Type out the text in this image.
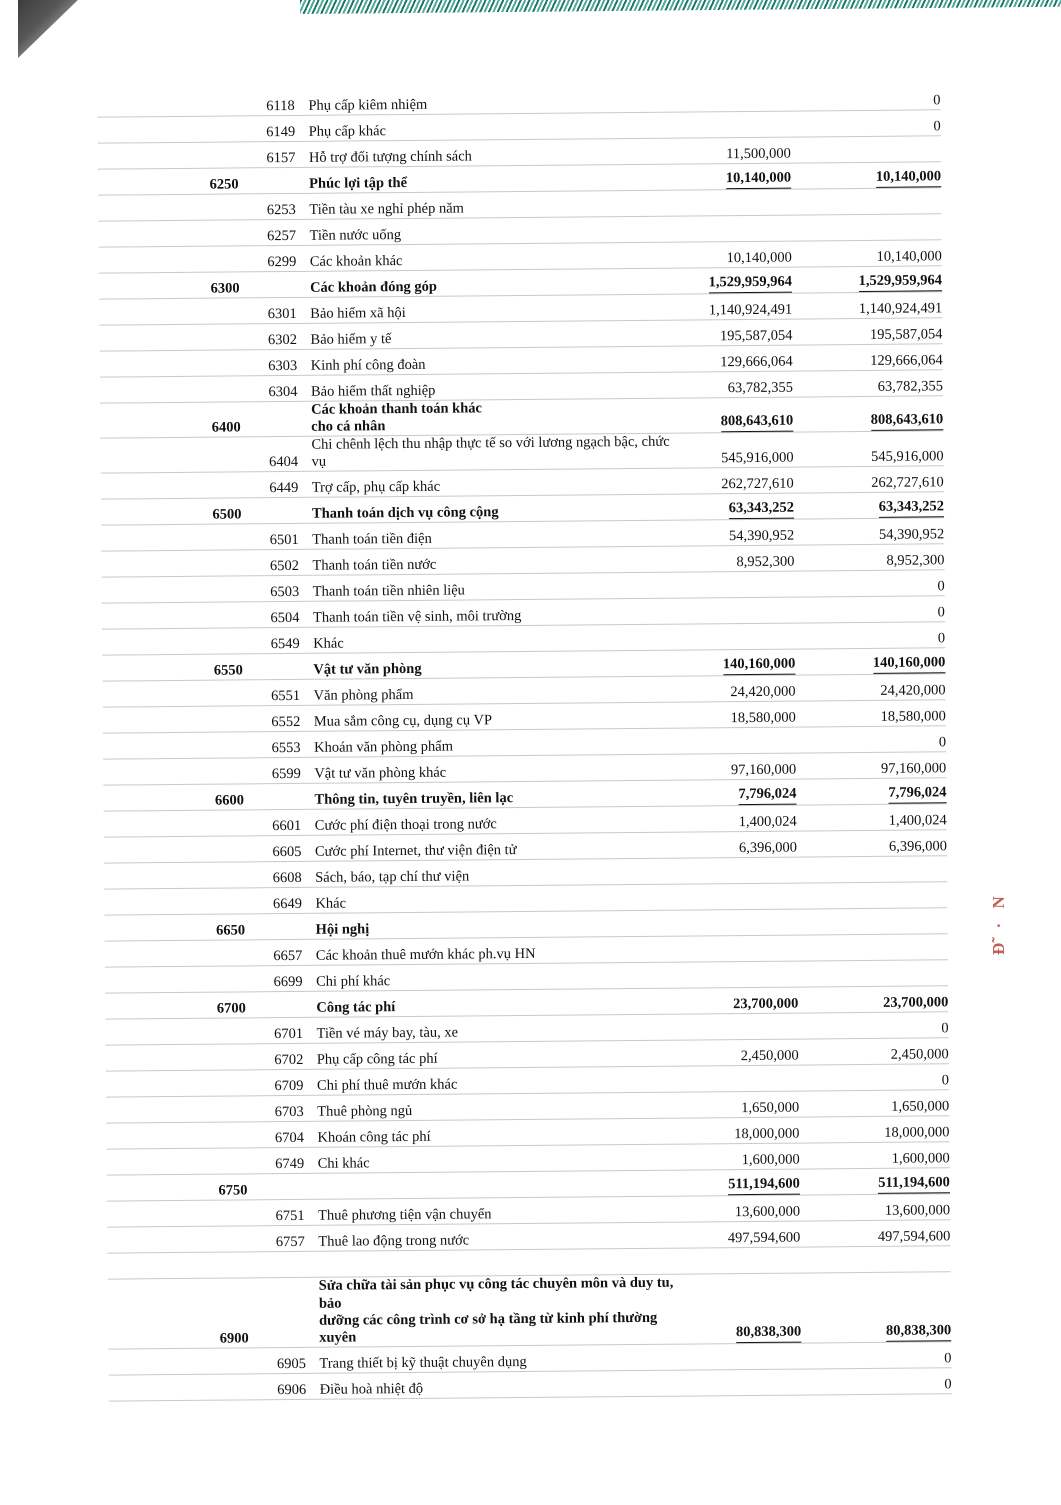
Đ̃ · N
			6118	Phụ cấp kiêm nhiệm		0
			6149	Phụ cấp khác		0
			6157	Hỗ trợ đối tượng chính sách	11,500,000	
		6250		Phúc lợi tập thể	10,140,000	10,140,000
			6253	Tiền tàu xe nghỉ phép năm		

			6257	Tiền nước uống		

			6299	Các khoản khác	10,140,000	10,140,000
		6300		Các khoản đóng góp	1,529,959,964	1,529,959,964
			6301	Bảo hiểm xã hội	1,140,924,491	1,140,924,491
			6302	Bảo hiểm y tế	195,587,054	195,587,054
			6303	Kinh phí công đoàn	129,666,064	129,666,064
			6304	Bảo hiểm thất nghiệp	63,782,355	63,782,355
		6400		Các khoản thanh toán khác
cho cá nhân	808,643,610	808,643,610
			6404	Chi chênh lệch thu nhập thực tế so với lương ngạch bậc, chức vụ	545,916,000	545,916,000
			6449	Trợ cấp, phụ cấp khác	262,727,610	262,727,610
		6500		Thanh toán dịch vụ công cộng	63,343,252	63,343,252
			6501	Thanh toán tiền điện	54,390,952	54,390,952
			6502	Thanh toán tiền nước	8,952,300	8,952,300
			6503	Thanh toán tiền nhiên liệu		0
			6504	Thanh toán tiền vệ sinh, môi trường		0
			6549	Khác		0
		6550		Vật tư văn phòng	140,160,000	140,160,000
			6551	Văn phòng phẩm	24,420,000	24,420,000
			6552	Mua sắm công cụ, dụng cụ VP	18,580,000	18,580,000
			6553	Khoán văn phòng phẩm		0
			6599	Vật tư văn phòng khác	97,160,000	97,160,000
		6600		Thông tin, tuyên truyền, liên lạc	7,796,024	7,796,024
			6601	Cước phí điện thoại trong nước	1,400,024	1,400,024
			6605	Cước phí Internet, thư viện điện tử	6,396,000	6,396,000
			6608	Sách, báo, tạp chí thư viện		

			6649	Khác		

		6650		Hội nghị		

			6657	Các khoản thuê mướn khác ph.vụ HN		

			6699	Chi phí khác		

		6700		Công tác phí	23,700,000	23,700,000
			6701	Tiền vé máy bay, tàu, xe		0
			6702	Phụ cấp công tác phí	2,450,000	2,450,000
			6709	Chi phí thuê mướn khác		0
			6703	Thuê phòng ngủ	1,650,000	1,650,000
			6704	Khoán công tác phí	18,000,000	18,000,000
			6749	Chi khác	1,600,000	1,600,000
		6750			511,194,600	511,194,600
			6751	Thuê phương tiện vận chuyển	13,600,000	13,600,000
			6757	Thuê lao động trong nước	497,594,600	497,594,600

		6900		Sửa chữa tài sản phục vụ công tác chuyên môn và duy tu, bảo
dưỡng các công trình cơ sở hạ tầng từ kinh phí thường xuyên	80,838,300	80,838,300
			6905	Trang thiết bị kỹ thuật chuyên dụng		0
			6906	Điều hoà nhiệt độ		0
